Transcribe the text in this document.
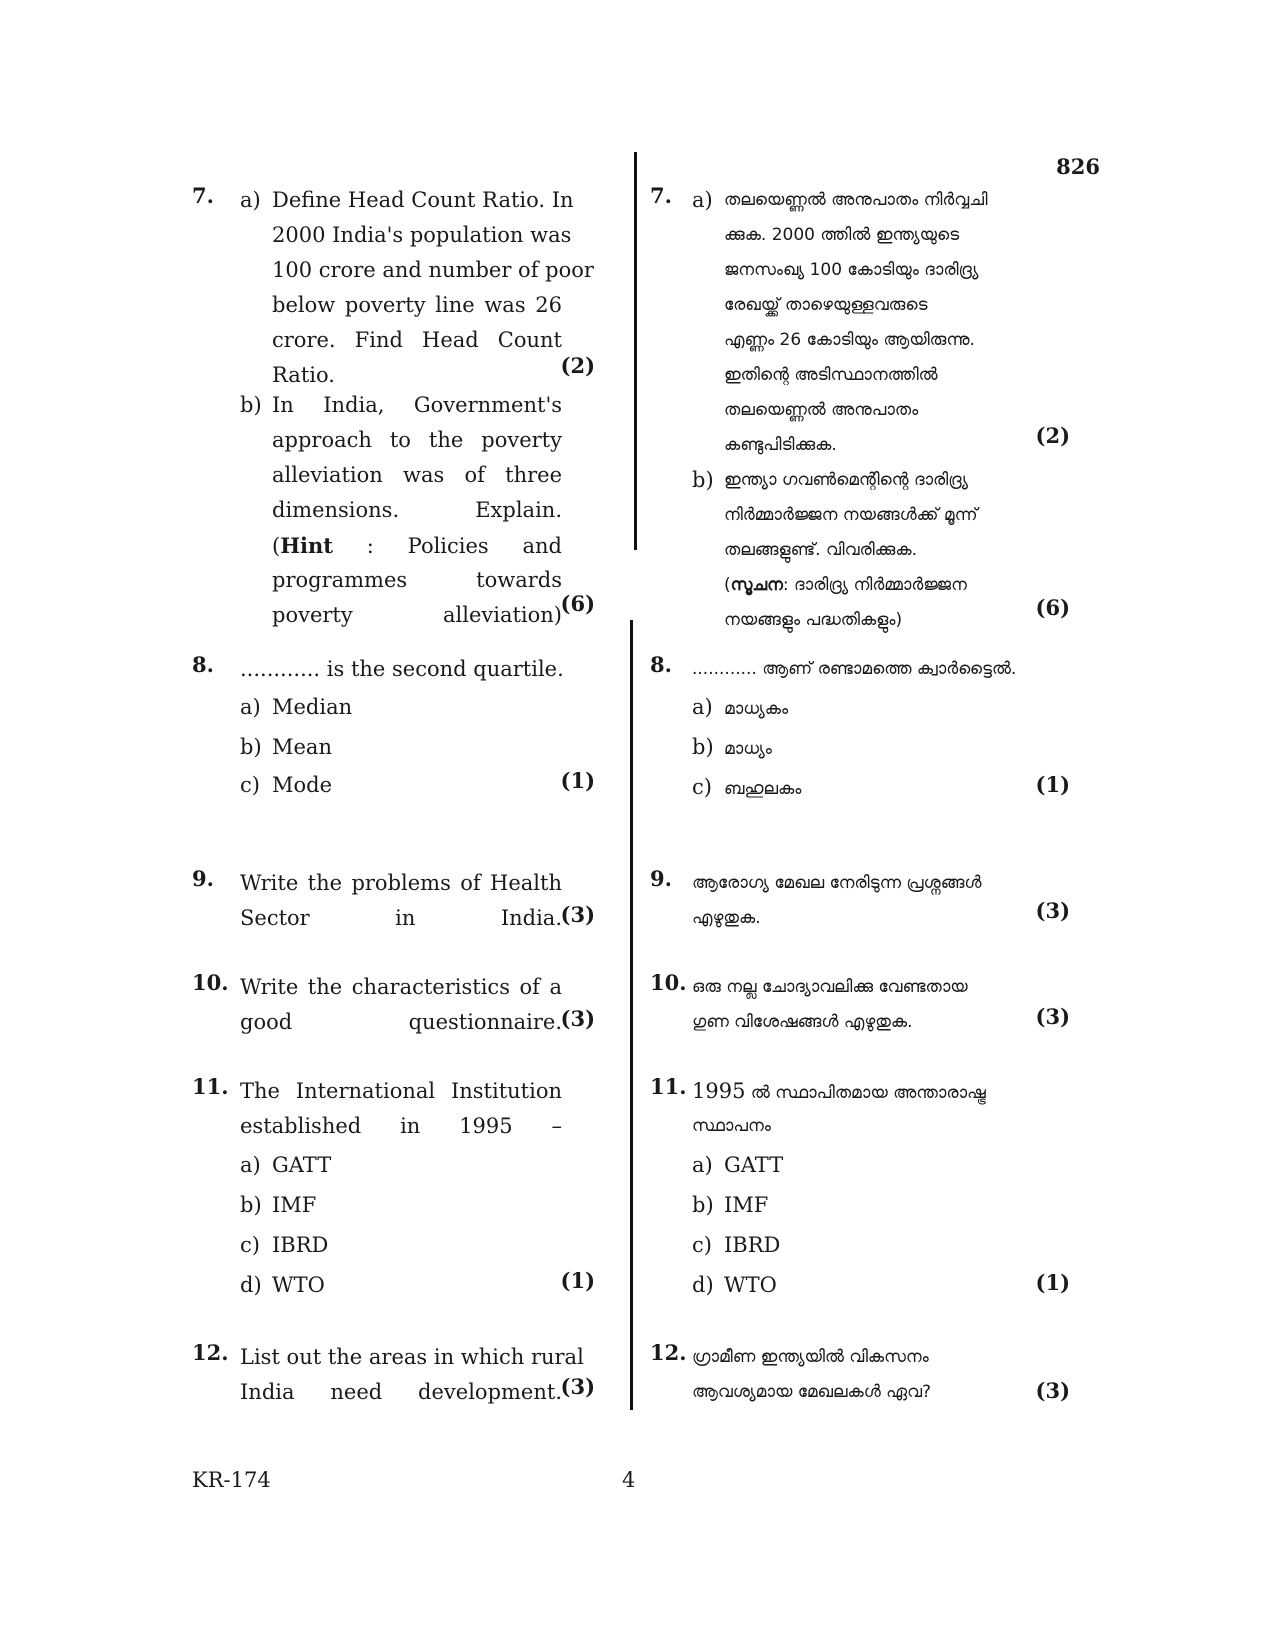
826
7. a) Define Head Count Ratio. In
2000 India's population was
100 crore and number of poor
below poverty line was 26
crore. Find Head Count
Ratio.	(2)
b) In India, Government's
approach to the poverty
alleviation was of three
dimensions. Explain.
(Hint : Policies and
programmes towards
poverty alleviation)
(6)
8. ............ is the second quartile.
a) Median
b) Mean
c) Mode	(1)
9. Write the problems of Health
Sector in India.
(3)
10. Write the characteristics of a
good questionnaire.
(3)
11. The International Institution
established in 1995 –
a) GATT
b) IMF
c) IBRD
d) WTO	(1)
12. List out the areas in which rural
India need development.
(3)
7. a) തലയെണ്ണൽ അനുപാതം നിർവ്വചി
ക്കുക. 2000 ത്തിൽ ഇന്ത്യയുടെ
ജനസംഖ്യ 100 കോടിയും ദാരിദ്ര്യ
രേഖയ്ക്ക് താഴെയുള്ളവരുടെ
എണ്ണം 26 കോടിയും ആയിരുന്നു.
ഇതിന്റെ അടിസ്ഥാനത്തിൽ
തലയെണ്ണൽ അനുപാതം
കണ്ടുപിടിക്കുക.	(2)
b) ഇന്ത്യാ ഗവൺമെന്റിന്റെ ദാരിദ്ര്യ
നിർമ്മാർജ്ജന നയങ്ങൾക്ക് മൂന്ന്
തലങ്ങളുണ്ട്. വിവരിക്കുക.
(സൂചന: ദാരിദ്ര്യ നിർമ്മാർജ്ജന
നയങ്ങളും പദ്ധതികളും)	(6)
8. ............ ആണ് രണ്ടാമത്തെ ക്വാർട്ടൈൽ.
a) മാധ്യകം
b) മാധ്യം
c) ബഹുലകം	(1)
9. ആരോഗ്യ മേഖല നേരിടുന്ന പ്രശ്നങ്ങൾ
എഴുതുക.	(3)
10. ഒരു നല്ല ചോദ്യാവലിക്കു വേണ്ടതായ
ഗുണ വിശേഷങ്ങൾ എഴുതുക.	(3)
11. 1995 ൽ സ്ഥാപിതമായ അന്താരാഷ്ട്ര
സ്ഥാപനം
a) GATT
b) IMF
c) IBRD
d) WTO	(1)
12. ഗ്രാമീണ ഇന്ത്യയിൽ വികസനം
ആവശ്യമായ മേഖലകൾ ഏവ?	(3)
KR-174	4
